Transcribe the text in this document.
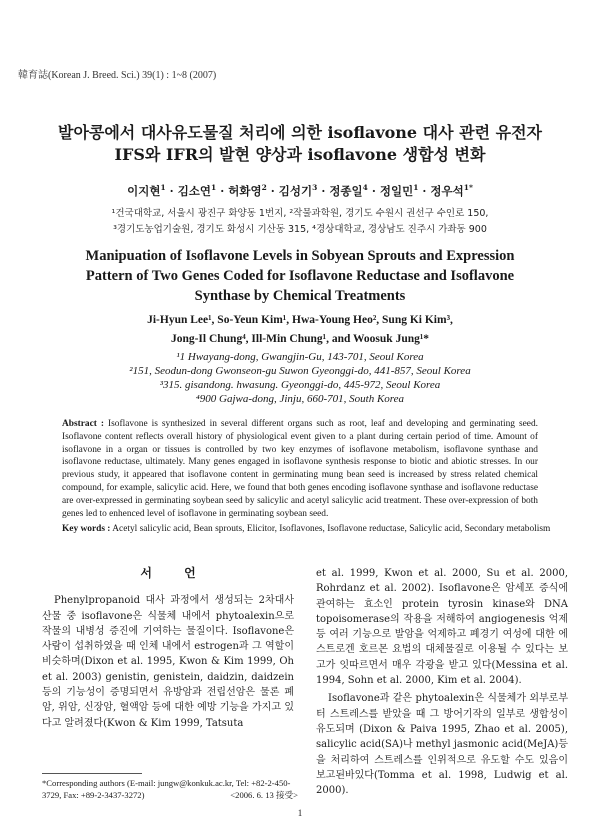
韓育誌(Korean J. Breed. Sci.) 39(1) : 1~8 (2007)
발아콩에서 대사유도물질 처리에 의한 isoflavone 대사 관련 유전자
IFS와 IFR의 발현 양상과 isoflavone 생합성 변화
이지현$^1$ · 김소연$^1$ · 허화영$^2$ · 김성기$^3$ · 정종일$^4$ · 정일민$^1$ · 정우석$^{1*}$
¹건국대학교, 서울시 광진구 화양동 1번지, ²작물과학원, 경기도 수원시 권선구 수인로 150,
³경기도농업기술원, 경기도 화성시 기산동 315, ⁴경상대학교, 경상남도 진주시 가좌동 900
Manipuation of Isoflavone Levels in Sobyean Sprouts and Expression
Pattern of Two Genes Coded for Isoflavone Reductase and Isoflavone
Synthase by Chemical Treatments
Ji-Hyun Lee¹, So-Yeun Kim¹, Hwa-Young Heo², Sung Ki Kim³,
Jong-Il Chung⁴, Ill-Min Chung¹, and Woosuk Jung¹*
¹1 Hwayang-dong, Gwangjin-Gu, 143-701, Seoul Korea
²151, Seodun-dong Gwonseon-gu Suwon Gyeonggi-do, 441-857, Seoul Korea
³315. gisandong. hwasung. Gyeonggi-do, 445-972, Seoul Korea
⁴900 Gajwa-dong, Jinju, 660-701, South Korea
Abstract : Isoflavone is synthesized in several different organs such as root, leaf and developing and germinating seed. Isoflavone content reflects overall history of physiological event given to a plant during certain period of time. Amount of isoflavone in a organ or tissues is controlled by two key enzymes of isoflavone metabolism, isoflavone synthase and isoflavone reductase, ultimately. Many genes engaged in isoflavone synthesis response to biotic and abiotic stresses. In our previous study, it appeared that isoflavone content in germinating mung bean seed is increased by stress related chemical compound, for example, salicylic acid. Here, we found that both genes encoding isoflavone synthase and isoflavone reductase are over-expressed in germinating soybean seed by salicylic and acetyl salicylic acid treatment. These over-expression of both genes led to enhenced level of isoflavone in germinating soybean seed.
Key words : Acetyl salicylic acid, Bean sprouts, Elicitor, Isoflavones, Isoflavone reductase, Salicylic acid, Secondary metabolism
서 언

Phenylpropanoid 대사 과정에서 생성되는 2차대사 산물 중 isoflavone은 식물체 내에서 phytoalexin으로 작물의 내병성 증진에 기여하는 물질이다. Isoflavone은 사람이 섭취하였을 때 인체 내에서 estrogen과 그 역할이 비슷하며(Dixon et al. 1995, Kwon & Kim 1999, Oh et al. 2003) genistin, genistein, daidzin, daidzein 등의 기능성이 증명되면서 유방암과 전립선암은 물론 폐암, 위암, 신장암, 혈액암 등에 대한 예방 기능을 가지고 있다고 알려졌다(Kwon & Kim 1999, Tatsuta

et al. 1999, Kwon et al. 2000, Su et al. 2000, Rohrdanz et al. 2002). Isoflavone은 암세포 증식에 관여하는 효소인 protein tyrosin kinase와 DNA topoisomerase의 작용을 저해하여 angiogenesis 억제 등 여러 기능으로 발암을 억제하고 폐경기 여성에 대한 에스트로겐 호르몬 요법의 대체물질로 이용될 수 있다는 보고가 잇따르면서 매우 각광을 받고 있다(Messina et al. 1994, Sohn et al. 2000, Kim et al. 2004).

Isoflavone과 같은 phytoalexin은 식물체가 외부로부터 스트레스를 받았을 때 그 방어기작의 일부로 생합성이 유도되며 (Dixon & Paiva 1995, Zhao et al. 2005), salicylic acid(SA)나 methyl jasmonic acid(MeJA)등을 처리하여 스트레스를 인위적으로 유도할 수도 있음이 보고된바있다(Tomma et al. 1998, Ludwig et al. 2000).

*Corresponding authors (E-mail: jungw@konkuk.ac.kr, Tel: +82-2-450-3729, Fax: +89-2-3437-3272)	<2006. 6. 13 接受>
1
